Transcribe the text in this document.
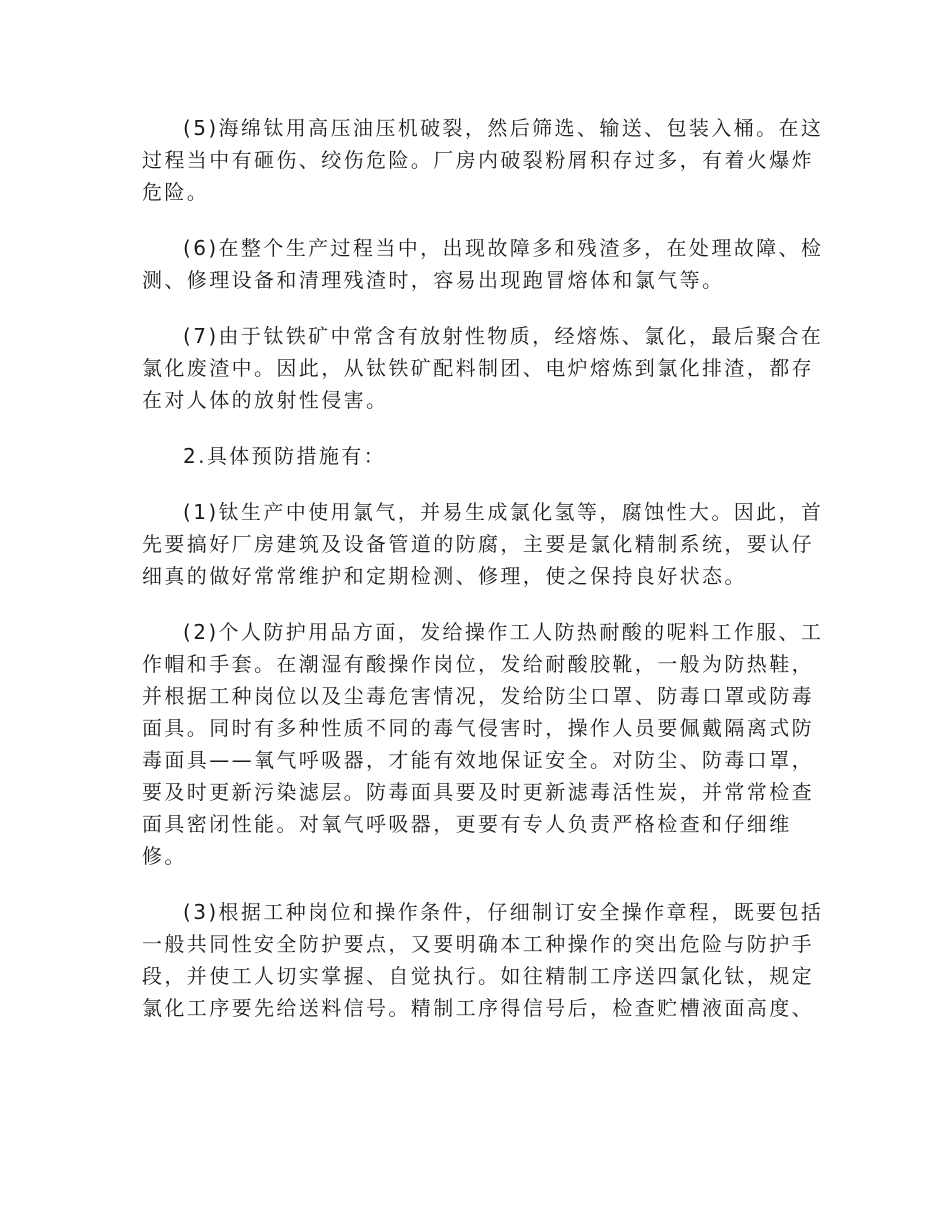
(5)海绵钛用高压油压机破裂，然后筛选、输送、包装入桶。在这
过程当中有砸伤、绞伤危险。厂房内破裂粉屑积存过多，有着火爆炸
危险。
(6)在整个生产过程当中，出现故障多和残渣多，在处理故障、检
测、修理设备和清理残渣时，容易出现跑冒熔体和氯气等。
(7)由于钛铁矿中常含有放射性物质，经熔炼、氯化，最后聚合在
氯化废渣中。因此，从钛铁矿配料制团、电炉熔炼到氯化排渣，都存
在对人体的放射性侵害。
2.具体预防措施有：
(1)钛生产中使用氯气，并易生成氯化氢等，腐蚀性大。因此，首
先要搞好厂房建筑及设备管道的防腐，主要是氯化精制系统，要认仔
细真的做好常常维护和定期检测、修理，使之保持良好状态。
(2)个人防护用品方面，发给操作工人防热耐酸的呢料工作服、工
作帽和手套。在潮湿有酸操作岗位，发给耐酸胶靴，一般为防热鞋，
并根据工种岗位以及尘毒危害情况，发给防尘口罩、防毒口罩或防毒
面具。同时有多种性质不同的毒气侵害时，操作人员要佩戴隔离式防
毒面具——氧气呼吸器，才能有效地保证安全。对防尘、防毒口罩，
要及时更新污染滤层。防毒面具要及时更新滤毒活性炭，并常常检查
面具密闭性能。对氧气呼吸器，更要有专人负责严格检查和仔细维
修。
(3)根据工种岗位和操作条件，仔细制订安全操作章程，既要包括
一般共同性安全防护要点，又要明确本工种操作的突出危险与防护手
段，并使工人切实掌握、自觉执行。如往精制工序送四氯化钛，规定
氯化工序要先给送料信号。精制工序得信号后，检查贮槽液面高度、
